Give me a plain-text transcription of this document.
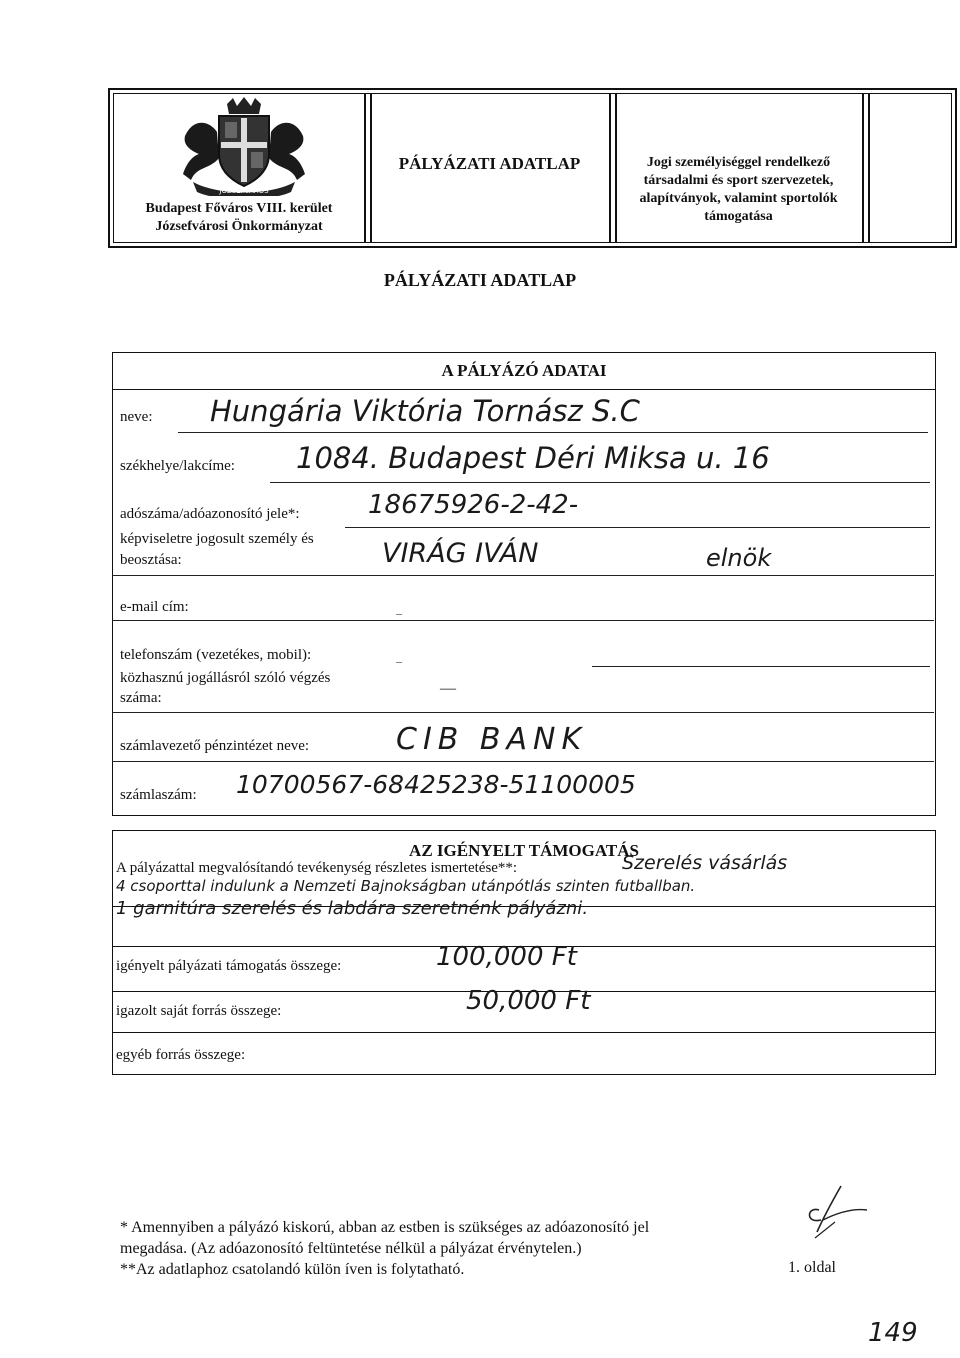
JÓZSEFVÁROS
Budapest Főváros VIII. kerület
Józsefvárosi Önkormányzat
PÁLYÁZATI ADATLAP	Jogi személyiséggel rendelkező
társadalmi és sport szervezetek,
alapítványok, valamint sportolók
támogatása
PÁLYÁZATI ADATLAP
A PÁLYÁZÓ ADATAI
neve: Hungária Viktória Tornász S.C
székhelye/lakcíme: 1084. Budapest Déri Miksa u. 16
adószáma/adóazonosító jele*:	18675926-2-42-
képviseletre jogosult személy és
beosztása:	VIRÁG IVÁN	elnök
e-mail cím:	–
telefonszám (vezetékes, mobil):	–
közhasznú jogállásról szóló végzés
száma:
—
számlavezető pénzintézet neve:	CIB BANK
számlaszám: 10700567-68425238-51100005
AZ IGÉNYELT TÁMOGATÁS
A pályázattal megvalósítandó tevékenység részletes ismertetése**:	Szerelés vásárlás
4 csoporttal indulunk a Nemzeti Bajnokságban utánpótlás szinten futballban.
1 garnitúra szerelés és labdára szeretnénk pályázni.
igényelt pályázati támogatás összege:	100,000 Ft
igazolt saját forrás összege:	50,000 Ft
egyéb forrás összege:
* Amennyiben a pályázó kiskorú, abban az estben is szükséges az adóazonosító jel
megadása. (Az adóazonosító feltüntetése nélkül a pályázat érvénytelen.)
**Az adatlaphoz csatolandó külön íven is folytatható.	1. oldal
149
